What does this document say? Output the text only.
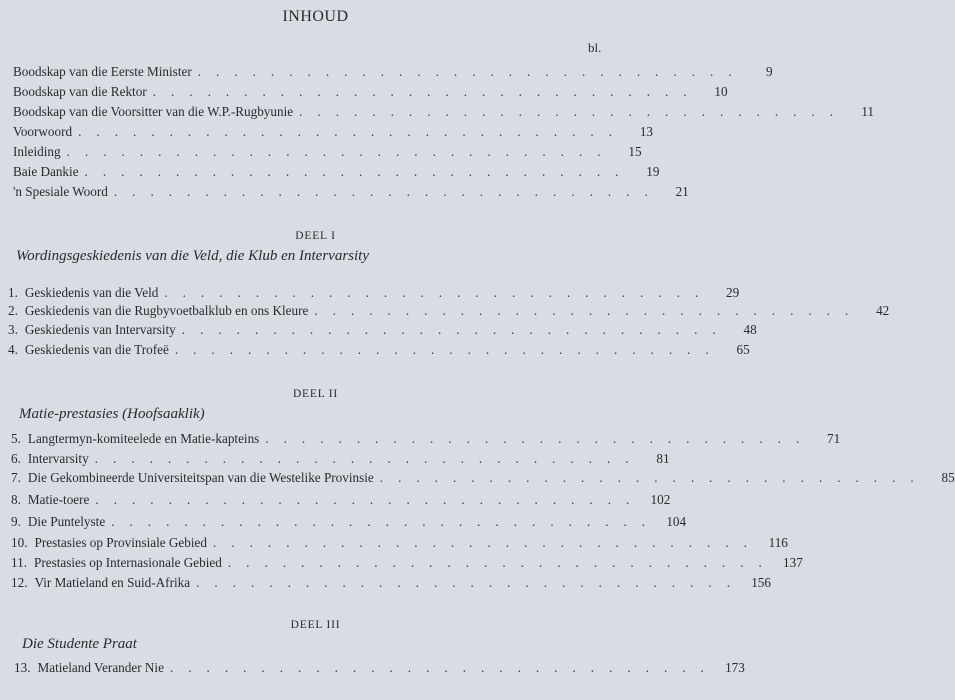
INHOUD
bl.
Boodskap van die Eerste Minister ..............................	9
Boodskap van die Rektor .............................. 10
Boodskap van die Voorsitter van die W.P.-Rugbyunie ..............................	11
Voorwoord .............................. 13
Inleiding .............................. 15
Baie Dankie .............................. 19
'n Spesiale Woord .............................. 21
DEEL I
Wordingsgeskiedenis van die Veld, die Klub en Intervarsity
1. Geskiedenis van die Veld .............................. 29
2. Geskiedenis van die Rugbyvoetbalklub en ons Kleure .............................. 42
3. Geskiedenis van Intervarsity .............................. 48
4. Geskiedenis van die Trofeë .............................. 65
DEEL II
Matie-prestasies (Hoofsaaklik)
5. Langtermyn-komiteelede en Matie-kapteins .............................. 71
6. Intervarsity .............................. 81
7. Die Gekombineerde Universiteitspan van die Westelike Provinsie .............................. 85
8. Matie-toere .............................. 102
9. Die Puntelyste .............................. 104
10. Prestasies op Provinsiale Gebied .............................. 116
11. Prestasies op Internasionale Gebied .............................. 137
12. Vir Matieland en Suid-Afrika .............................. 156
DEEL III
Die Studente Praat
13. Matieland Verander Nie .............................. 173
